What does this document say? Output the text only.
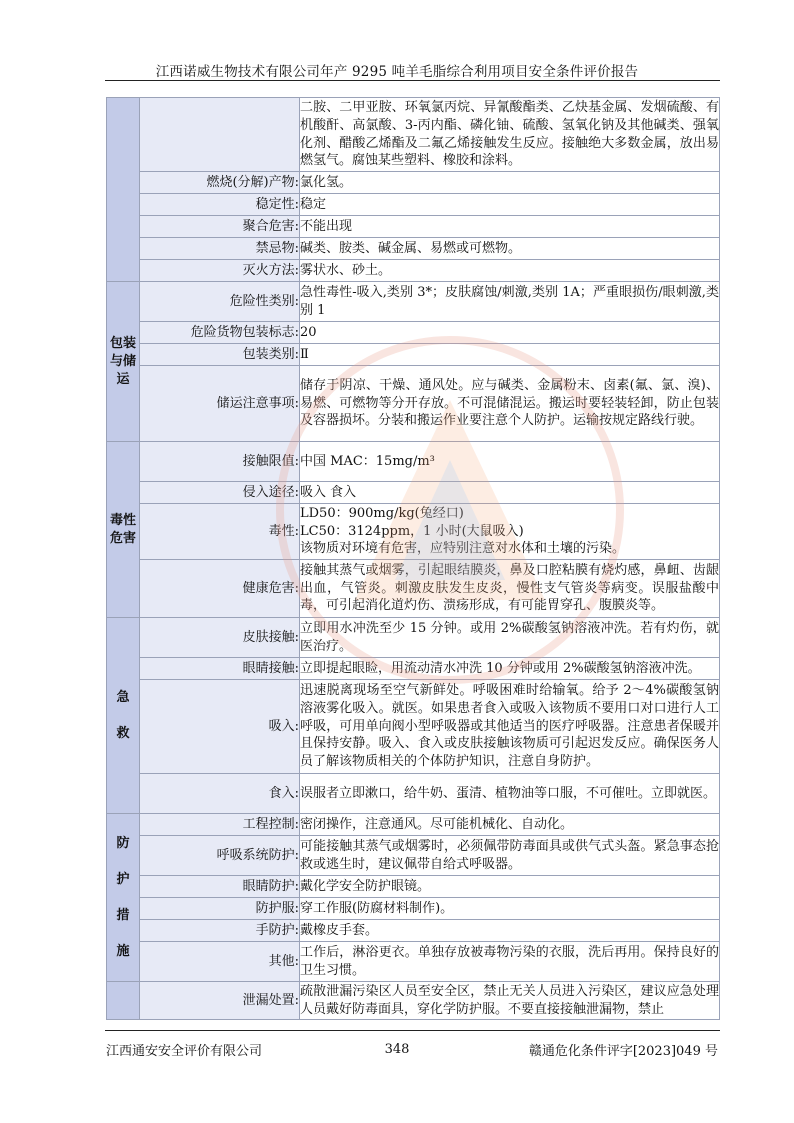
江西诺威生物技术有限公司年产 9295 吨羊毛脂综合利用项目安全条件评价报告
		二胺、二甲亚胺、环氧氯丙烷、异氰酸酯类、乙炔基金属、发烟硫酸、有机酸酐、高氯酸、3-丙内酯、磷化铀、硫酸、氢氧化钠及其他碱类、强氧化剂、醋酸乙烯酯及二氟乙烯接触发生反应。接触绝大多数金属，放出易燃氢气。腐蚀某些塑料、橡胶和涂料。
	燃烧(分解)产物:	氯化氢。
	稳定性:	稳定
	聚合危害:	不能出现
	禁忌物:	碱类、胺类、碱金属、易燃或可燃物。
	灭火方法:	雾状水、砂土。
包装
与储
运	危险性类别:	急性毒性-吸入,类别 3*；皮肤腐蚀/刺激,类别 1A；严重眼损伤/眼刺激,类别 1
	危险货物包装标志:	20
	包装类别:	Ⅱ
	储运注意事项:	储存于阴凉、干燥、通风处。应与碱类、金属粉末、卤素(氟、氯、溴)、易燃、可燃物等分开存放。不可混储混运。搬运时要轻装轻卸，防止包装及容器损坏。分装和搬运作业要注意个人防护。运输按规定路线行驶。
毒性
危害	接触限值:	中国 MAC：15mg/m³
	侵入途径:	吸入 食入
	毒性:	LD50：900mg/kg(兔经口)
LC50：3124ppm，1 小时(大鼠吸入)
该物质对环境有危害，应特别注意对水体和土壤的污染。
	健康危害:	接触其蒸气或烟雾，引起眼结膜炎，鼻及口腔粘膜有烧灼感，鼻衄、齿龈出血，气管炎。刺激皮肤发生皮炎，慢性支气管炎等病变。误服盐酸中毒，可引起消化道灼伤、溃疡形成，有可能胃穿孔、腹膜炎等。
急
救	皮肤接触:	立即用水冲洗至少 15 分钟。或用 2%碳酸氢钠溶液冲洗。若有灼伤，就医治疗。
	眼睛接触:	立即提起眼睑，用流动清水冲洗 10 分钟或用 2%碳酸氢钠溶液冲洗。
	吸入:	迅速脱离现场至空气新鲜处。呼吸困难时给输氧。给予 2～4%碳酸氢钠溶液雾化吸入。就医。如果患者食入或吸入该物质不要用口对口进行人工呼吸，可用单向阀小型呼吸器或其他适当的医疗呼吸器。注意患者保暖并且保持安静。吸入、食入或皮肤接触该物质可引起迟发反应。确保医务人员了解该物质相关的个体防护知识，注意自身防护。
	食入:	误服者立即漱口，给牛奶、蛋清、植物油等口服，不可催吐。立即就医。
防
护
措
施	工程控制:	密闭操作，注意通风。尽可能机械化、自动化。
	呼吸系统防护:	可能接触其蒸气或烟雾时，必须佩带防毒面具或供气式头盔。紧急事态抢救或逃生时，建议佩带自给式呼吸器。
	眼睛防护:	戴化学安全防护眼镜。
	防护服:	穿工作服(防腐材料制作)。
	手防护:	戴橡皮手套。
	其他:	工作后，淋浴更衣。单独存放被毒物污染的衣服，洗后再用。保持良好的卫生习惯。
	泄漏处置:	疏散泄漏污染区人员至安全区，禁止无关人员进入污染区，建议应急处理人员戴好防毒面具，穿化学防护服。不要直接接触泄漏物，禁止
江西通安安全评价有限公司	348	赣通危化条件评字[2023]049 号
